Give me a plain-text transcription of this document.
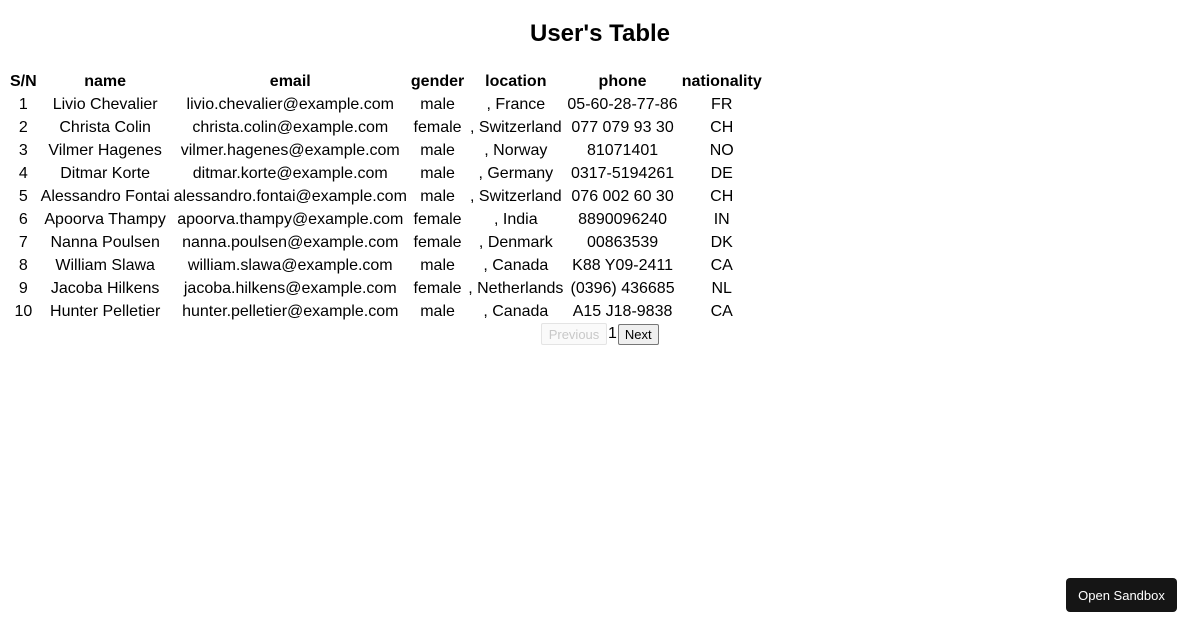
User's Table
S/N	name	email	gender	location	phone	nationality
1	Livio Chevalier	livio.chevalier@example.com	male	, France	05-60-28-77-86	FR
2	Christa Colin	christa.colin@example.com	female	, Switzerland	077 079 93 30	CH
3	Vilmer Hagenes	vilmer.hagenes@example.com	male	, Norway	81071401	NO
4	Ditmar Korte	ditmar.korte@example.com	male	, Germany	0317-5194261	DE
5	Alessandro Fontai	alessandro.fontai@example.com	male	, Switzerland	076 002 60 30	CH
6	Apoorva Thampy	apoorva.thampy@example.com	female	, India	8890096240	IN
7	Nanna Poulsen	nanna.poulsen@example.com	female	, Denmark	00863539	DK
8	William Slawa	william.slawa@example.com	male	, Canada	K88 Y09-2411	CA
9	Jacoba Hilkens	jacoba.hilkens@example.com	female	, Netherlands	(0396) 436685	NL
10	Hunter Pelletier	hunter.pelletier@example.com	male	, Canada	A15 J18-9838	CA
Previous 1 Next
Open Sandbox
